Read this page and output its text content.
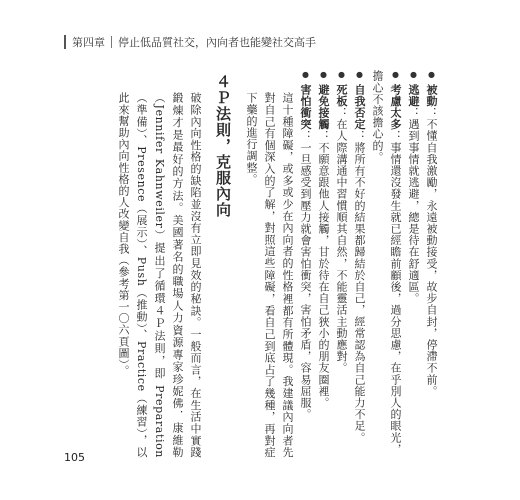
第四章 停止低品質社交，內向者也能變社交高手
●被動：不懂自我激勵，永遠被動接受，故步自封，停滯不前。
●逃避：遇到事情就逃避，總是待在舒適區。
●考慮太多：事情還沒發生就已經瞻前顧後，過分思慮，在乎別人的眼光，擔心不該擔心的。
●自我否定：將所有不好的結果都歸結於自己，經常認為自己能力不足。
●死板：在人際溝通中習慣順其自然，不能靈活主動應對。
●避免接觸：不願意跟他人接觸，甘於待在自己狹小的朋友圈裡。
●害怕衝突：一旦感受到壓力就會害怕衝突，害怕矛盾，容易屈服。

這十種障礙，或多或少在內向者的性格裡都有所體現。我建議內向者先對自己有個深入的了解，對照這些障礙，看自己到底占了幾種，再對症下藥的進行調整。

４Ｐ法則，克服內向

破除內向性格的缺陷並沒有立即見效的秘訣。一般而言，在生活中實踐鍛煉才是最好的方法。美國著名的職場人力資源專家珍妮佛．康維勒（Jennifer Kahnweiler）提出了循環４Ｐ法則，即 Preparation（準備）、Presence（展示）、Push（推動）、Practice（練習），以此來幫助內向性格的人改變自我（參考第一〇六頁圖）。

105
